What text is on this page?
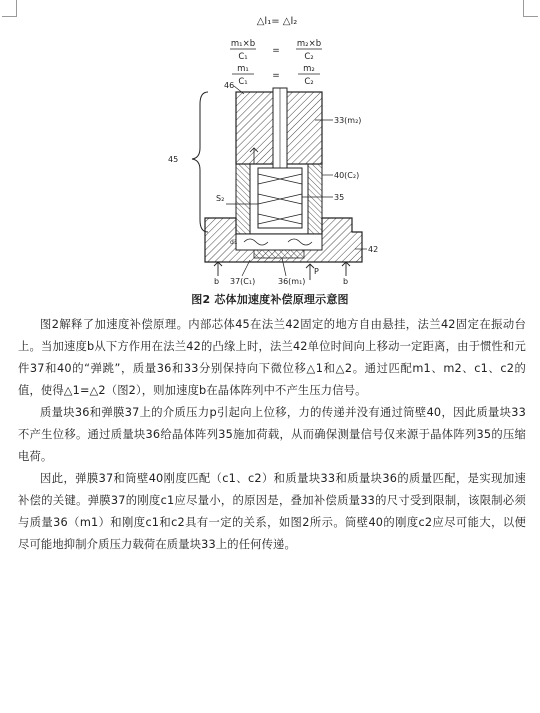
△l₁= △l₂
m₁×b
C₁
=
m₂×b
C₂
m₁
C₁
=
m₂
C₂
45
46
33(m₂)
40(C₂)
35
S₂
42
d1
b 37(C₁)	36(m₁)
P
b
图2 芯体加速度补偿原理示意图

图2解释了加速度补偿原理。内部芯体45在法兰42固定的地方自由悬挂，法兰42固定在振动台上。当加速度b从下方作用在法兰42的凸缘上时，法兰42单位时间向上移动一定距离，由于惯性和元件37和40的“弹跳”，质量36和33分别保持向下微位移△1和△2。通过匹配m1、m2、c1、c2的值，使得△1=△2（图2），则加速度b在晶体阵列中不产生压力信号。

质量块36和弹膜37上的介质压力p引起向上位移，力的传递并没有通过筒壁40，因此质量块33不产生位移。通过质量块36给晶体阵列35施加荷载，从而确保测量信号仅来源于晶体阵列35的压缩电荷。

因此，弹膜37和筒壁40刚度匹配（c1、c2）和质量块33和质量块36的质量匹配，是实现加速补偿的关键。弹膜37的刚度c1应尽量小，的原因是，叠加补偿质量33的尺寸受到限制，该限制必须与质量36（m1）和刚度c1和c2具有一定的关系，如图2所示。筒壁40的刚度c2应尽可能大，以便尽可能地抑制介质压力载荷在质量块33上的任何传递。
